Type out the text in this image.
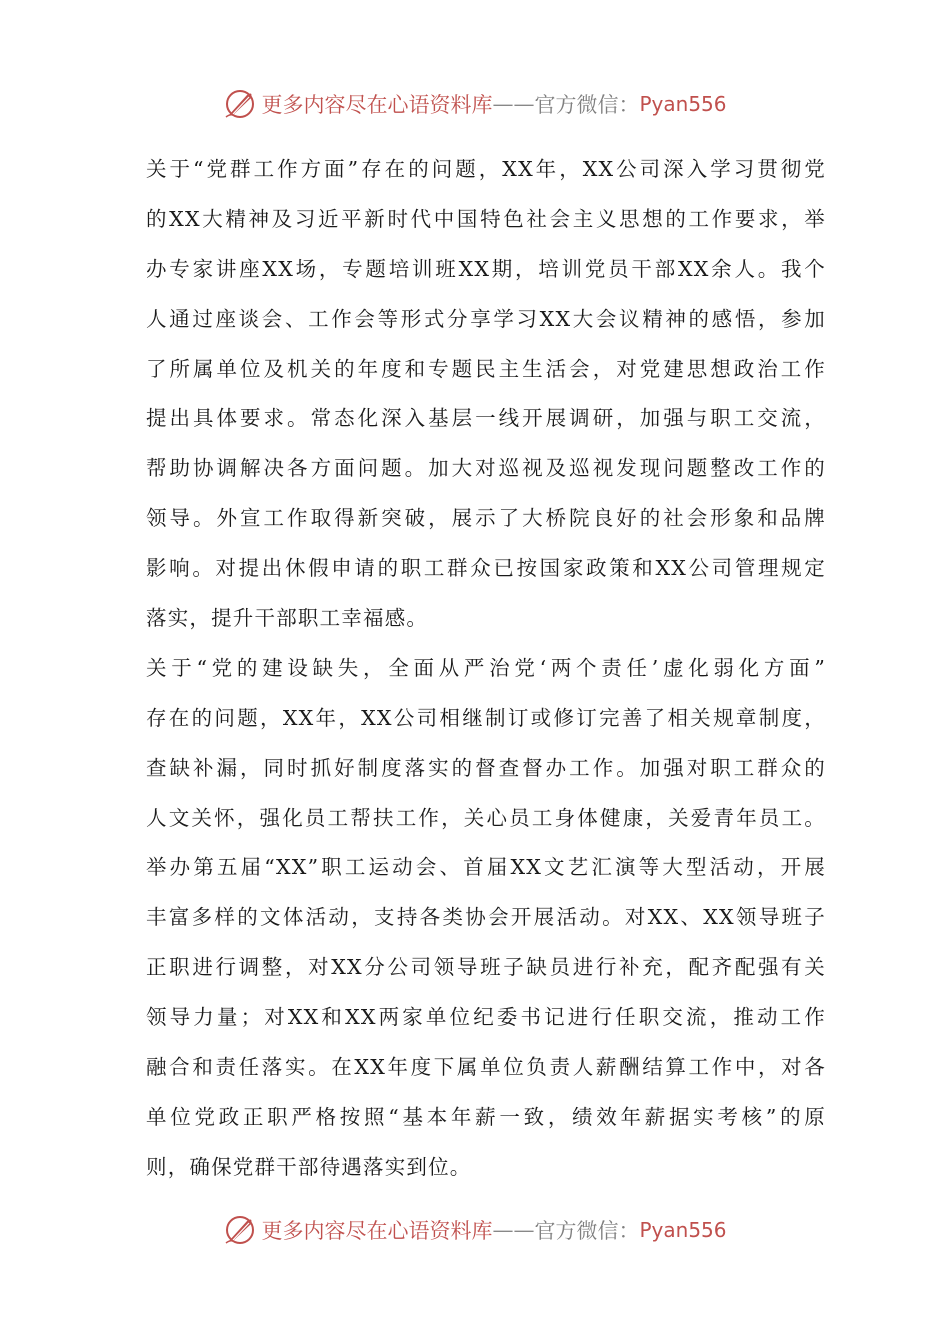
更多内容尽在心语资料库 —— 官方微信： Pyan556
关于“党群工作方面”存在的问题，XX年，XX公司深入学习贯彻党
的XX大精神及习近平新时代中国特色社会主义思想的工作要求，举
办专家讲座XX场，专题培训班XX期，培训党员干部XX余人。我个
人通过座谈会、工作会等形式分享学习XX大会议精神的感悟，参加
了所属单位及机关的年度和专题民主生活会，对党建思想政治工作
提出具体要求。常态化深入基层一线开展调研，加强与职工交流，
帮助协调解决各方面问题。加大对巡视及巡视发现问题整改工作的
领导。外宣工作取得新突破，展示了大桥院良好的社会形象和品牌
影响。对提出休假申请的职工群众已按国家政策和XX公司管理规定
落实，提升干部职工幸福感。
关于“党的建设缺失，全面从严治党‘两个责任’虚化弱化方面”
存在的问题，XX年，XX公司相继制订或修订完善了相关规章制度，
查缺补漏，同时抓好制度落实的督查督办工作。加强对职工群众的
人文关怀，强化员工帮扶工作，关心员工身体健康，关爱青年员工。
举办第五届“XX”职工运动会、首届XX文艺汇演等大型活动，开展
丰富多样的文体活动，支持各类协会开展活动。对XX、XX领导班子
正职进行调整，对XX分公司领导班子缺员进行补充，配齐配强有关
领导力量；对XX和XX两家单位纪委书记进行任职交流，推动工作
融合和责任落实。在XX年度下属单位负责人薪酬结算工作中，对各
单位党政正职严格按照“基本年薪一致，绩效年薪据实考核”的原
则，确保党群干部待遇落实到位。
更多内容尽在心语资料库 —— 官方微信： Pyan556
